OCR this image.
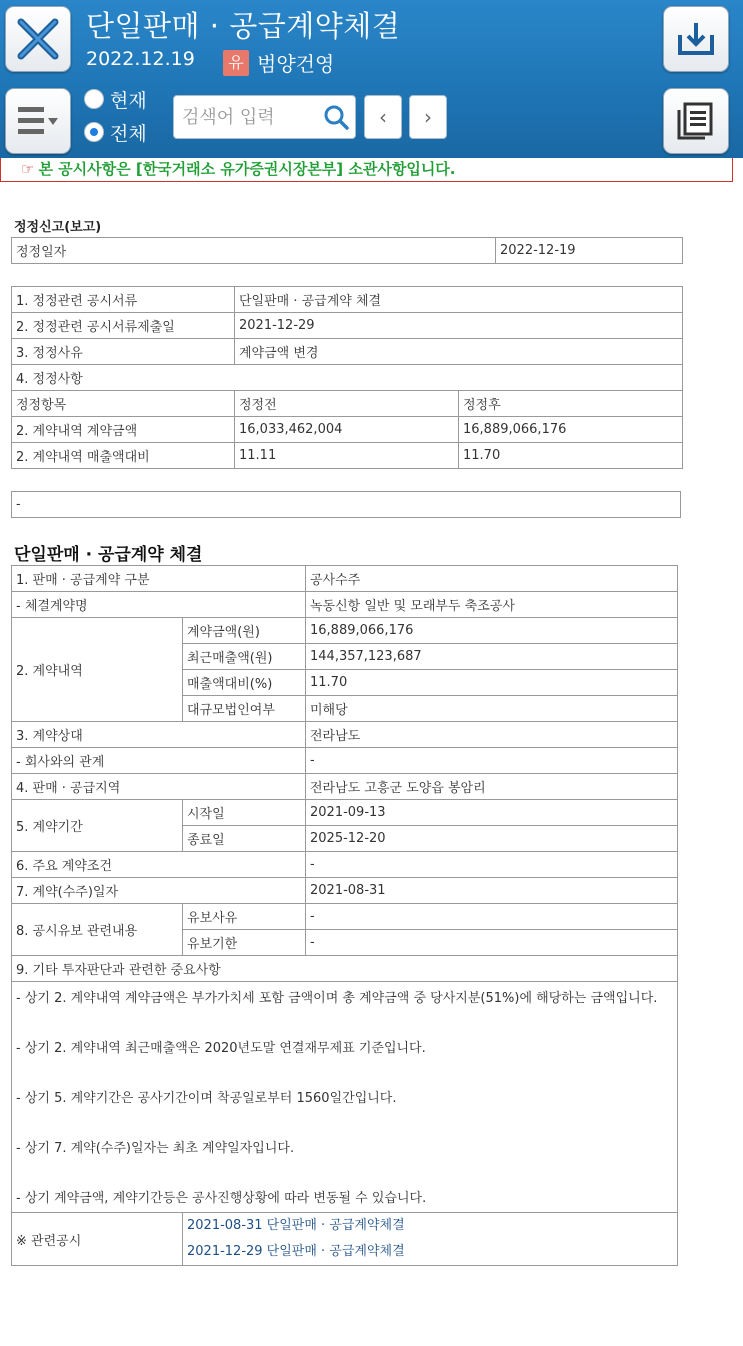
단일판매 · 공급계약체결
2022.12.19	유 범양건영
현재
전체
검색어 입력
‹	›
☞ 본 공시사항은 [한국거래소 유가증권시장본부] 소관사항입니다.
정정신고(보고)
정정일자	2022-12-19
1. 정정관련 공시서류	단일판매 · 공급계약 체결	
2. 정정관련 공시서류제출일	2021-12-29	
3. 정정사유	계약금액 변경	
4. 정정사항		
정정항목	정정전	정정후
2. 계약내역 계약금액	16,033,462,004	16,889,066,176
2. 계약내역 매출액대비	11.11	11.70
-
단일판매 · 공급계약 체결
1. 판매 · 공급계약 구분		공사수주
- 체결계약명		녹동신항 일반 및 모래부두 축조공사
2. 계약내역	계약금액(원)	16,889,066,176
	최근매출액(원)	144,357,123,687
	매출액대비(%)	11.70
	대규모법인여부	미해당
3. 계약상대		전라남도
- 회사와의 관계		-
4. 판매 · 공급지역		전라남도 고흥군 도양읍 봉암리
5. 계약기간	시작일	2021-09-13
	종료일	2025-12-20
6. 주요 계약조건		-
7. 계약(수주)일자		2021-08-31
8. 공시유보 관련내용	유보사유	-
	유보기한	-
9. 기타 투자판단과 관련한 중요사항		

- 상기 2. 계약내역 계약금액은 부가가치세 포함 금액이며 총 계약금액 중 당사지분(51%)에 해당하는 금액입니다.
- 상기 2. 계약내역 최근매출액은 2020년도말 연결재무제표 기준입니다.
- 상기 5. 계약기간은 공사기간이며 착공일로부터 1560일간입니다.
- 상기 7. 계약(수주)일자는 최초 계약일자입니다.
- 상기 계약금액, 계약기간등은 공사진행상황에 따라 변동될 수 있습니다.		

※ 관련공시	2021-08-31 단일판매 · 공급계약체결
2021-12-29 단일판매 · 공급계약체결	
